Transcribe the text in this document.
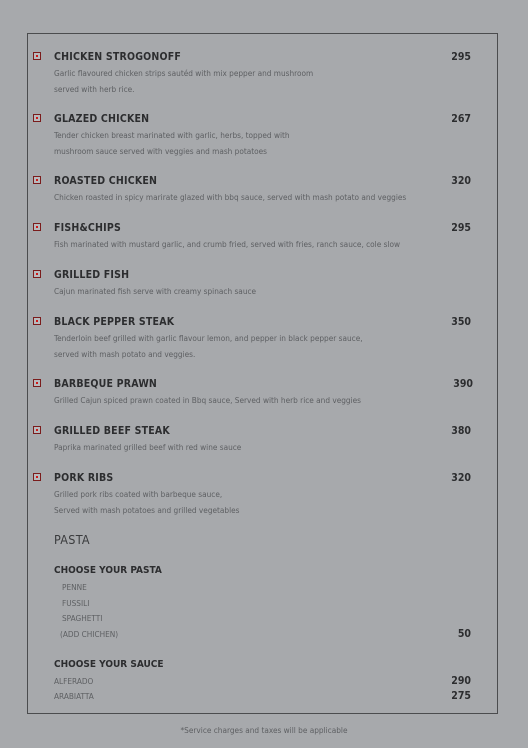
CHICKEN STROGONOFF	295
Garlic flavoured chicken strips sautéd with mix pepper and mushroom
served with herb rice.
GLAZED CHICKEN	267
Tender chicken breast marinated with garlic, herbs, topped with
mushroom sauce served with veggies and mash potatoes
ROASTED CHICKEN	320
Chicken roasted in spicy marirate glazed with bbq sauce, served with mash potato and veggies
FISH&CHIPS	295
Fish marinated with mustard garlic, and crumb fried, served with fries, ranch sauce, cole slow
GRILLED FISH
Cajun marinated fish serve with creamy spinach sauce
BLACK PEPPER STEAK	350
Tenderloin beef grilled with garlic flavour lemon, and pepper in black pepper sauce,
served with mash potato and veggies.
BARBEQUE PRAWN	390
Grilled Cajun spiced prawn coated in Bbq sauce, Served with herb rice and veggies
GRILLED BEEF STEAK	380
Paprika marinated grilled beef with red wine sauce
PORK RIBS	320
Grilled pork ribs coated with barbeque sauce,
Served with mash potatoes and grilled vegetables
PASTA
CHOOSE YOUR PASTA
PENNE
FUSSILI
SPAGHETTI
(ADD CHICHEN)	50
CHOOSE YOUR SAUCE
ALFERADO	290
ARABIATTA	275
*Service charges and taxes will be applicable
